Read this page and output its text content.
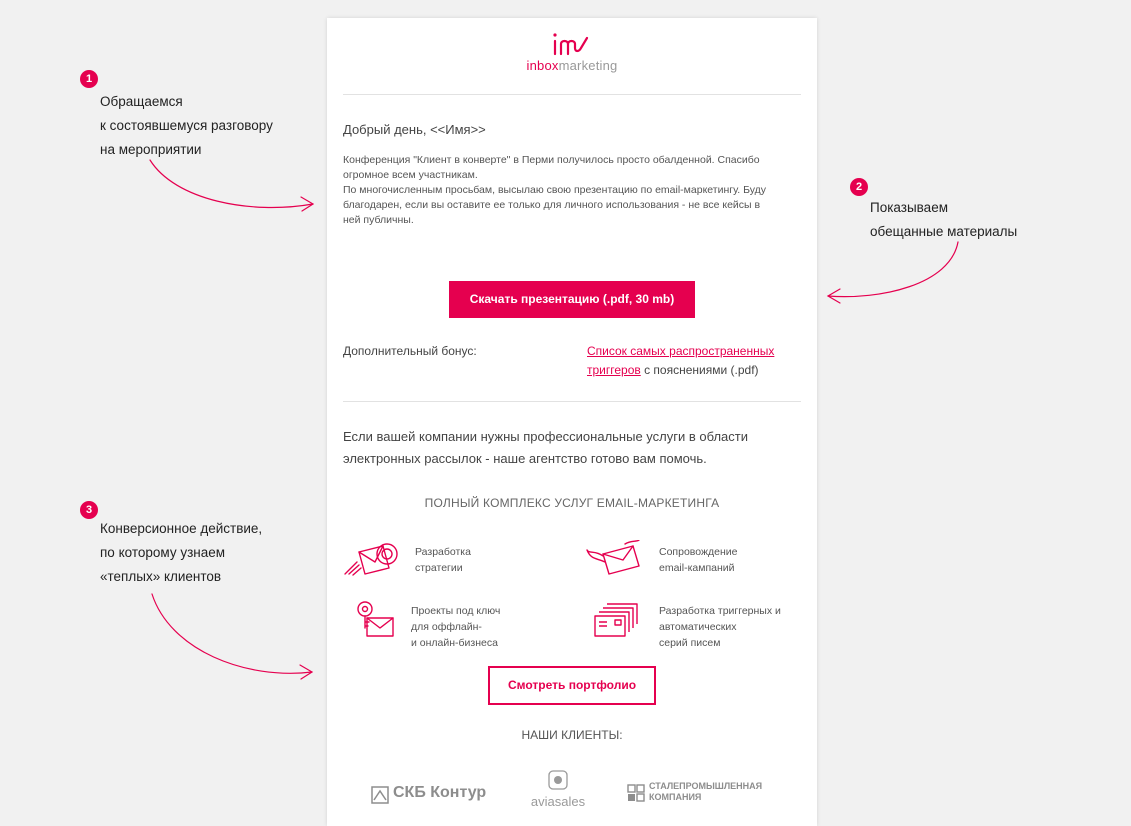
1
Обращаемся
к состоявшемуся разговору
на мероприятии
2
Показываем
обещанные материалы
3
Конверсионное действие,
по которому узнаем
«теплых» клиентов
inboxmarketing
Добрый день, <<Имя>>

Конференция "Клиент в конверте" в Перми получилось просто обалденной. Спасибо

огромное всем участникам.

По многочисленным просьбам, высылаю свою презентацию по email-маркетингу. Буду

благодарен, если вы оставите ее только для личного использования - не все кейсы в

ней публичны.

Скачать презентацию (.pdf, 30 mb)
Дополнительный бонус:	Список самых распространенных
триггеров с пояснениями (.pdf)
Если вашей компании нужны профессиональные услуги в области
электронных рассылок - наше агентство готово вам помочь.
ПОЛНЫЙ КОМПЛЕКС УСЛУГ EMAIL-МАРКЕТИНГА
Разработка
стратегии
Сопровождение
email-кампаний
Проекты под ключ
для оффлайн-
и онлайн-бизнеса
Разработка триггерных и
автоматических
серий писем
Смотреть портфолио
НАШИ КЛИЕНТЫ:
СКБ Контур
aviasales
СТАЛЕПРОМЫШЛЕННАЯ
КОМПАНИЯ
